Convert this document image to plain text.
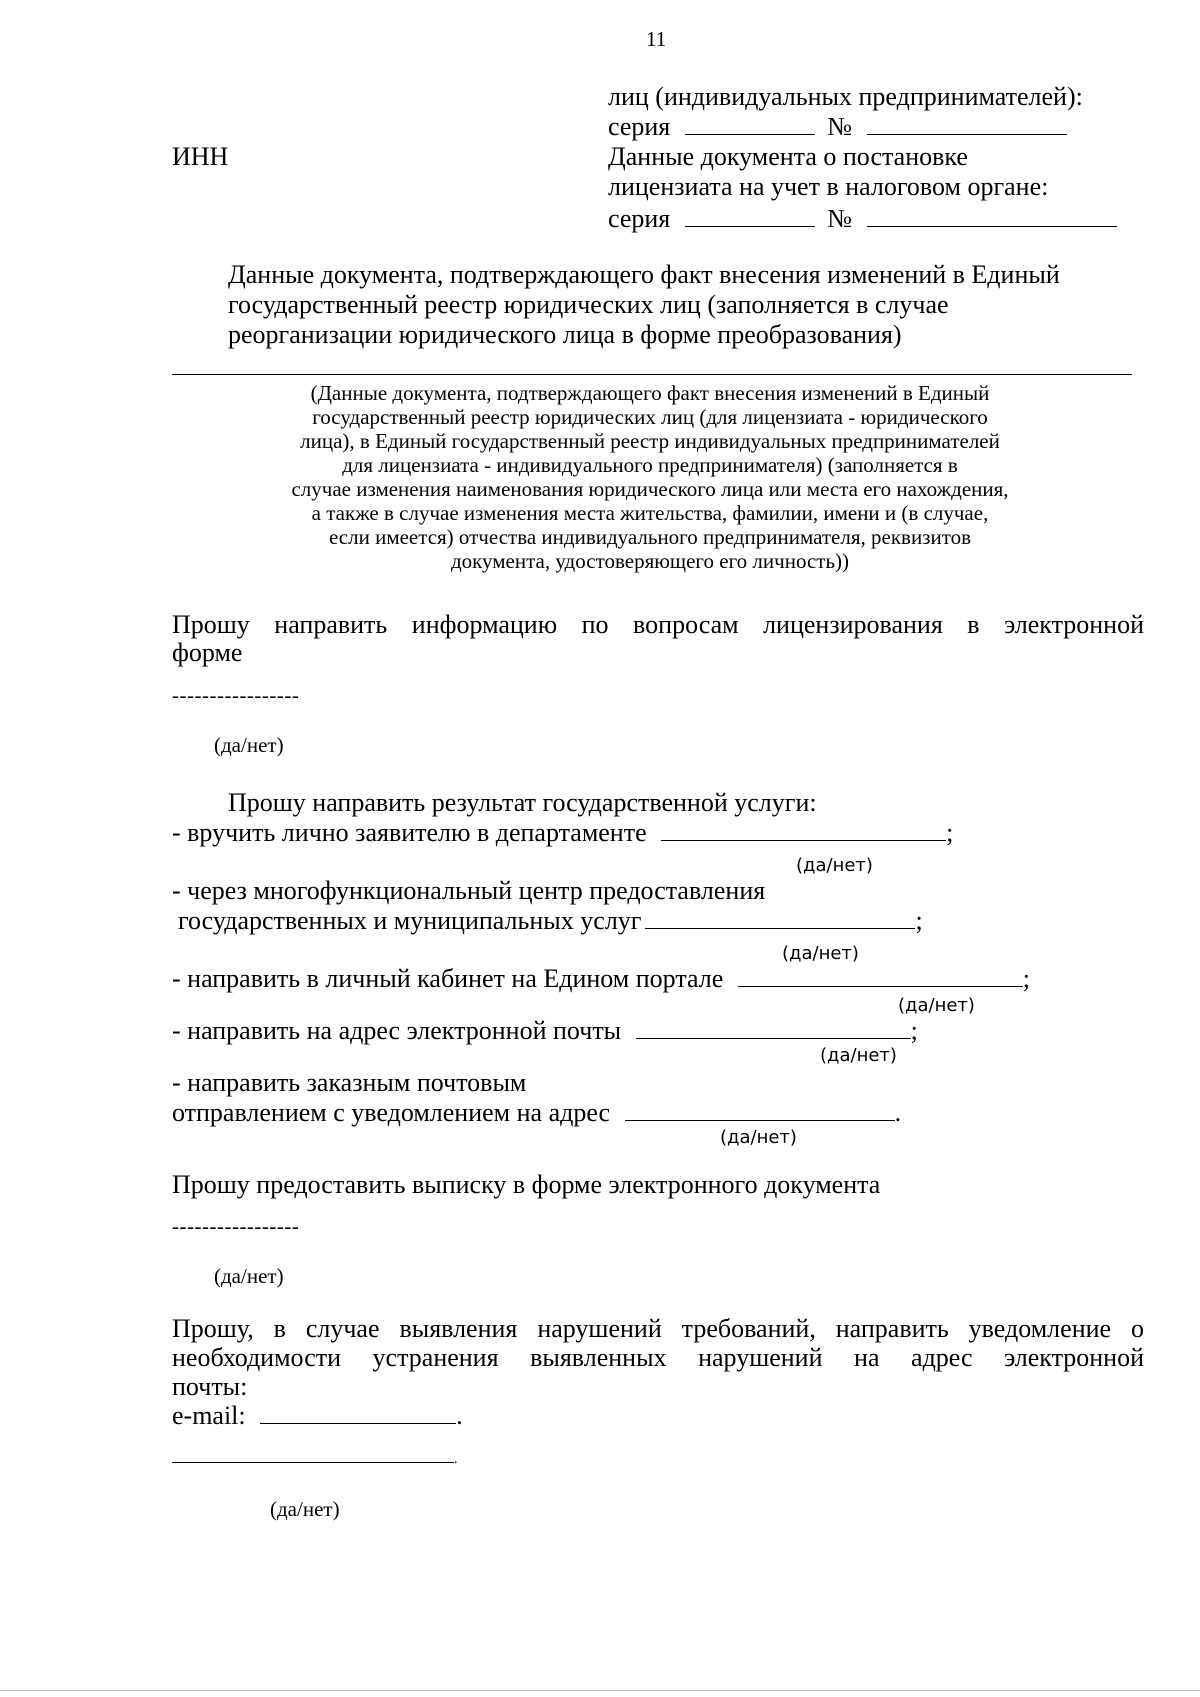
11
лиц (индивидуальных предпринимателей):
серия	№
ИНН	Данные документа о постановке
лицензиата на учет в налоговом органе:
серия	№
Данные документа, подтверждающего факт внесения изменений в Единый
государственный реестр юридических лиц (заполняется в случае
реорганизации юридического лица в форме преобразования)
(Данные документа, подтверждающего факт внесения изменений в Единый
государственный реестр юридических лиц (для лицензиата - юридического
лица), в Единый государственный реестр индивидуальных предпринимателей
для лицензиата - индивидуального предпринимателя) (заполняется в
случае изменения наименования юридического лица или места его нахождения,
а также в случае изменения места жительства, фамилии, имени и (в случае,
если имеется) отчества индивидуального предпринимателя, реквизитов
документа, удостоверяющего его личность))
Прошу направить информацию по вопросам лицензирования в электронной
форме
-----------------
(да/нет)
Прошу направить результат государственной услуги:
- вручить лично заявителю в департаменте	;
(да/нет)
- через многофункциональный центр предоставления
государственных и муниципальных услуг	;
(да/нет)
- направить в личный кабинет на Едином портале	;
(да/нет)
- направить на адрес электронной почты	;
(да/нет)
- направить заказным почтовым
отправлением с уведомлением на адрес	.
(да/нет)
Прошу предоставить выписку в форме электронного документа
-----------------
(да/нет)
Прошу, в случае выявления нарушений требований, направить уведомление о
необходимости устранения выявленных нарушений на адрес электронной
почты:
e-mail:	.
.
(да/нет)
